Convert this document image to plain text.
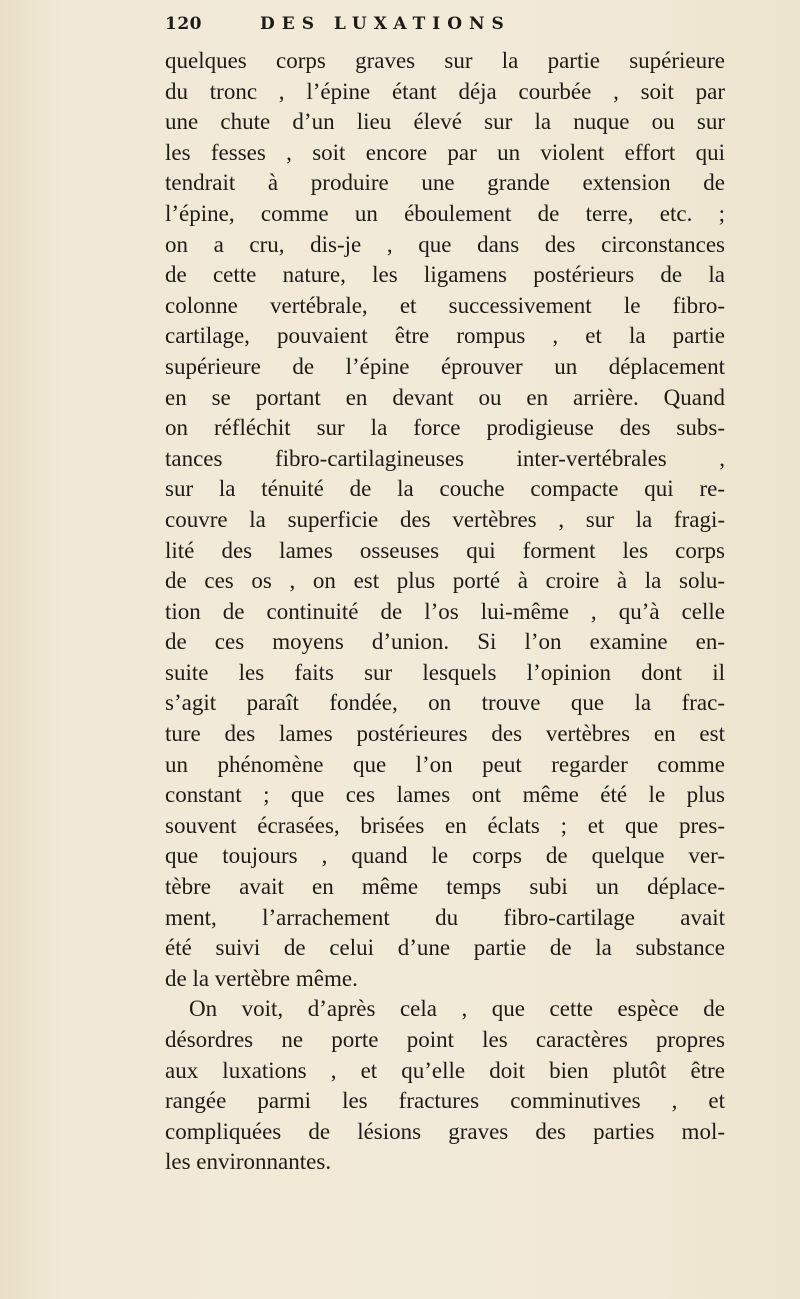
120	DES LUXATIONS
quelques corps graves sur la partie supérieure
du tronc , l’épine étant déja courbée , soit par
une chute d’un lieu élevé sur la nuque ou sur
les fesses , soit encore par un violent effort qui
tendrait à produire une grande extension de
l’épine, comme un éboulement de terre, etc. ;
on a cru, dis-je , que dans des circonstances
de cette nature, les ligamens postérieurs de la
colonne vertébrale, et successivement le fibro-
cartilage, pouvaient être rompus , et la partie
supérieure de l’épine éprouver un déplacement
en se portant en devant ou en arrière. Quand
on réfléchit sur la force prodigieuse des subs-
tances fibro-cartilagineuses inter-vertébrales ,
sur la ténuité de la couche compacte qui re-
couvre la superficie des vertèbres , sur la fragi-
lité des lames osseuses qui forment les corps
de ces os , on est plus porté à croire à la solu-
tion de continuité de l’os lui-même , qu’à celle
de ces moyens d’union. Si l’on examine en-
suite les faits sur lesquels l’opinion dont il
s’agit paraît fondée, on trouve que la frac-
ture des lames postérieures des vertèbres en est
un phénomène que l’on peut regarder comme
constant ; que ces lames ont même été le plus
souvent écrasées, brisées en éclats ; et que pres-
que toujours , quand le corps de quelque ver-
tèbre avait en même temps subi un déplace-
ment, l’arrachement du fibro-cartilage avait
été suivi de celui d’une partie de la substance
de la vertèbre même.
On voit, d’après cela , que cette espèce de
désordres ne porte point les caractères propres
aux luxations , et qu’elle doit bien plutôt être
rangée parmi les fractures comminutives , et
compliquées de lésions graves des parties mol-
les environnantes.
